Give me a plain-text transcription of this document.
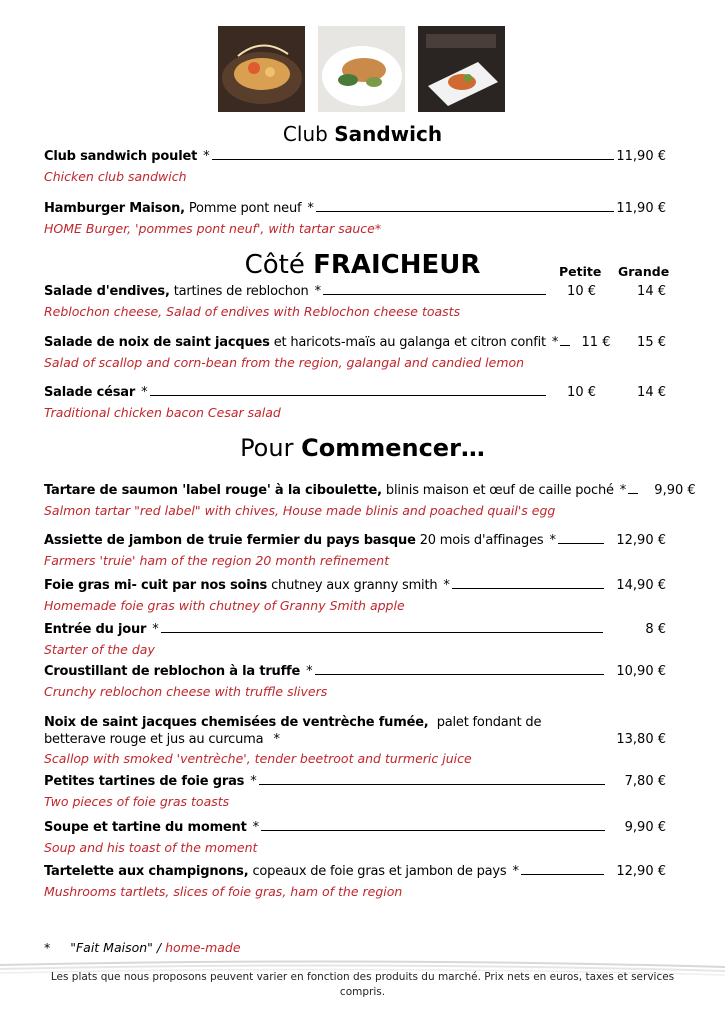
Club Sandwich
Club sandwich poulet *	11,90 €
Chicken club sandwich
Hamburger Maison, Pomme pont neuf *	11,90 €
HOME Burger, 'pommes pont neuf', with tartar sauce*
Côté FRAICHEUR	Petite Grande
Salade d'endives, tartines de reblochon *	10 €	14 €
Reblochon cheese, Salad of endives with Reblochon cheese toasts
Salade de noix de saint jacques et haricots-maïs au galanga et citron confit *	11 €	15 €
Salad of scallop and corn-bean from the region, galangal and candied lemon
Salade césar *	10 €	14 €
Traditional chicken bacon Cesar salad
Pour Commencer…
Tartare de saumon 'label rouge' à la ciboulette, blinis maison et œuf de caille poché * 9,90 €
Salmon tartar "red label" with chives, House made blinis and poached quail's egg
Assiette de jambon de truie fermier du pays basque 20 mois d'affinages *	12,90 €
Farmers 'truie' ham of the region 20 month refinement
Foie gras mi- cuit par nos soins chutney aux granny smith *	14,90 €
Homemade foie gras with chutney of Granny Smith apple
Entrée du jour *	8 €
Starter of the day
Croustillant de reblochon à la truffe *	10,90 €
Crunchy reblochon cheese with truffle slivers
Noix de saint jacques chemisées de ventrèche fumée, palet fondant de betterave rouge et jus au curcuma *	13,80 €
Scallop with smoked 'ventrèche', tender beetroot and turmeric juice
Petites tartines de foie gras *	7,80 €
Two pieces of foie gras toasts
Soupe et tartine du moment *	9,90 €
Soup and his toast of the moment
Tartelette aux champignons, copeaux de foie gras et jambon de pays *	12,90 €
Mushrooms tartlets, slices of foie gras, ham of the region
* "Fait Maison" / home-made
Les plats que nous proposons peuvent varier en fonction des produits du marché. Prix nets en euros, taxes et services compris.
